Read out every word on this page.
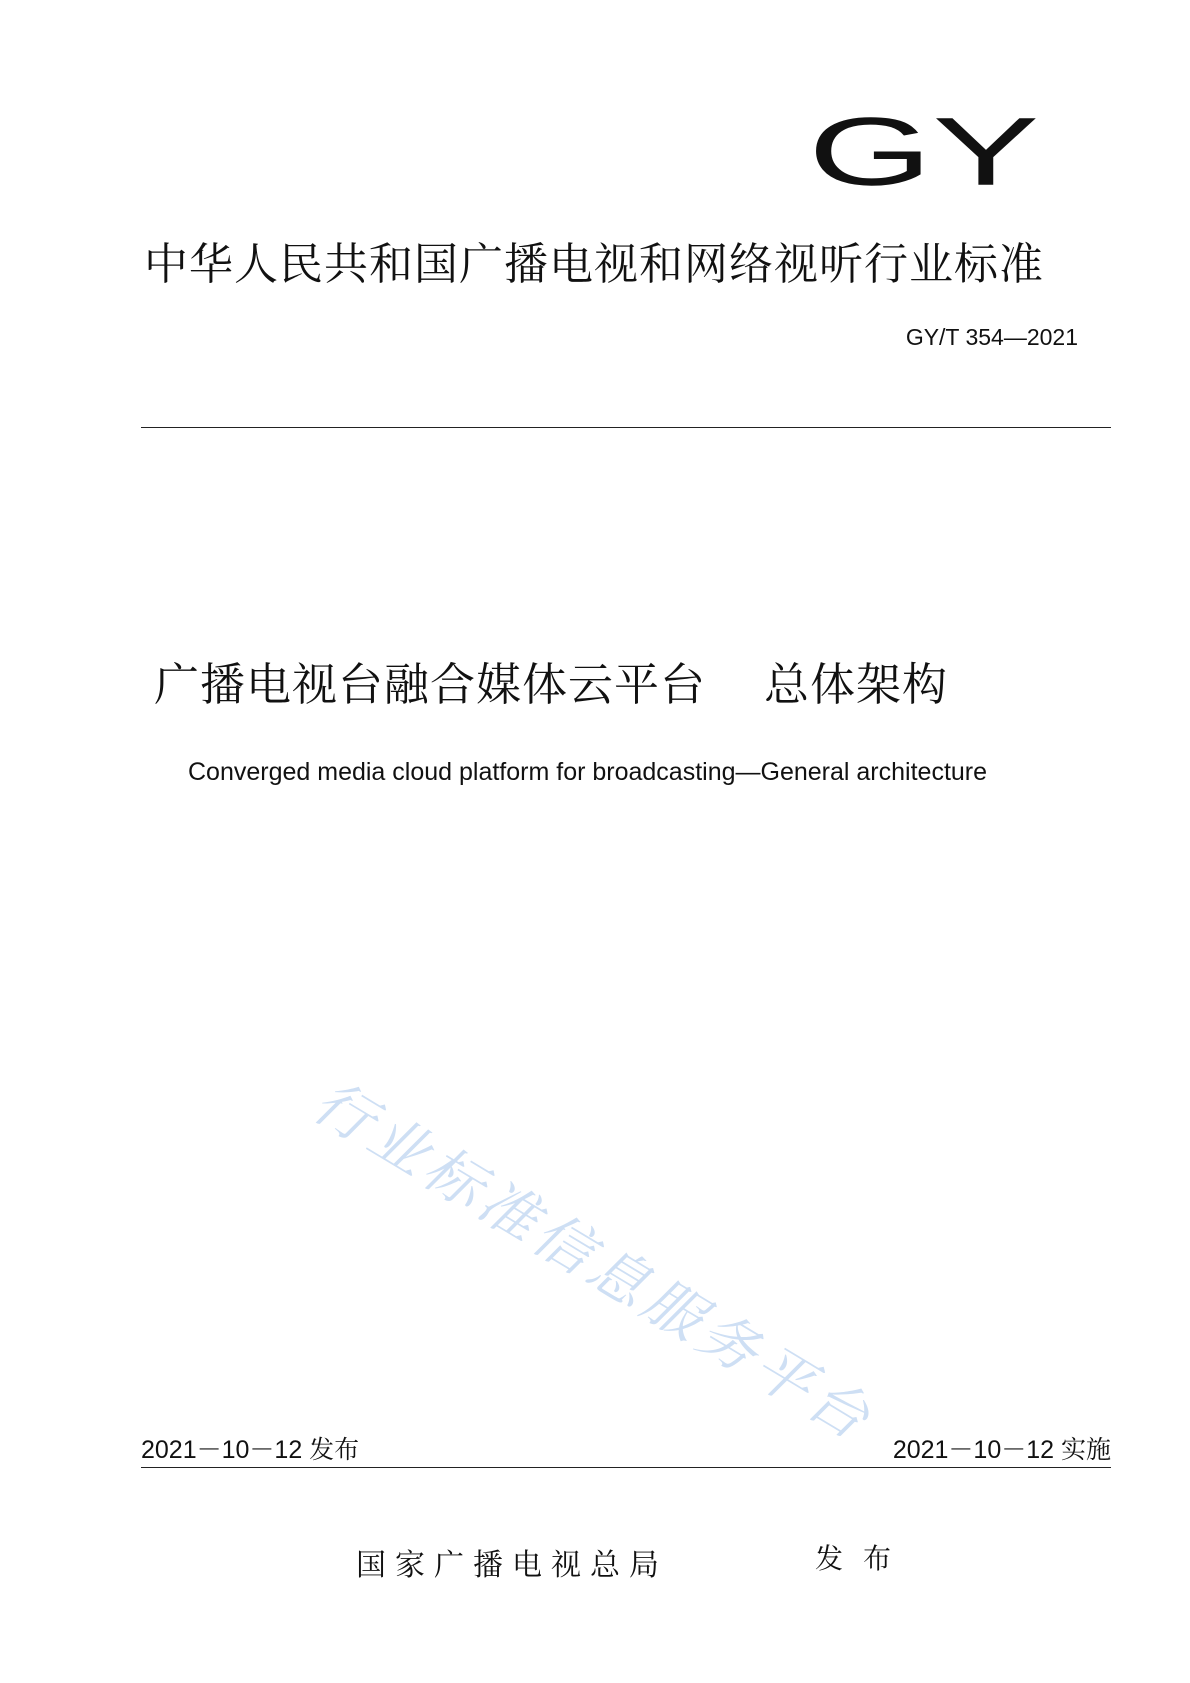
GY
中华人民共和国广播电视和网络视听行业标准
GY/T 354—2021
广播电视台融合媒体云平台 总体架构
Converged media cloud platform for broadcasting—General architecture
行业标准信息服务平台
2021－10－12 发布	2021－10－12 实施
国家广播电视总局	发布
